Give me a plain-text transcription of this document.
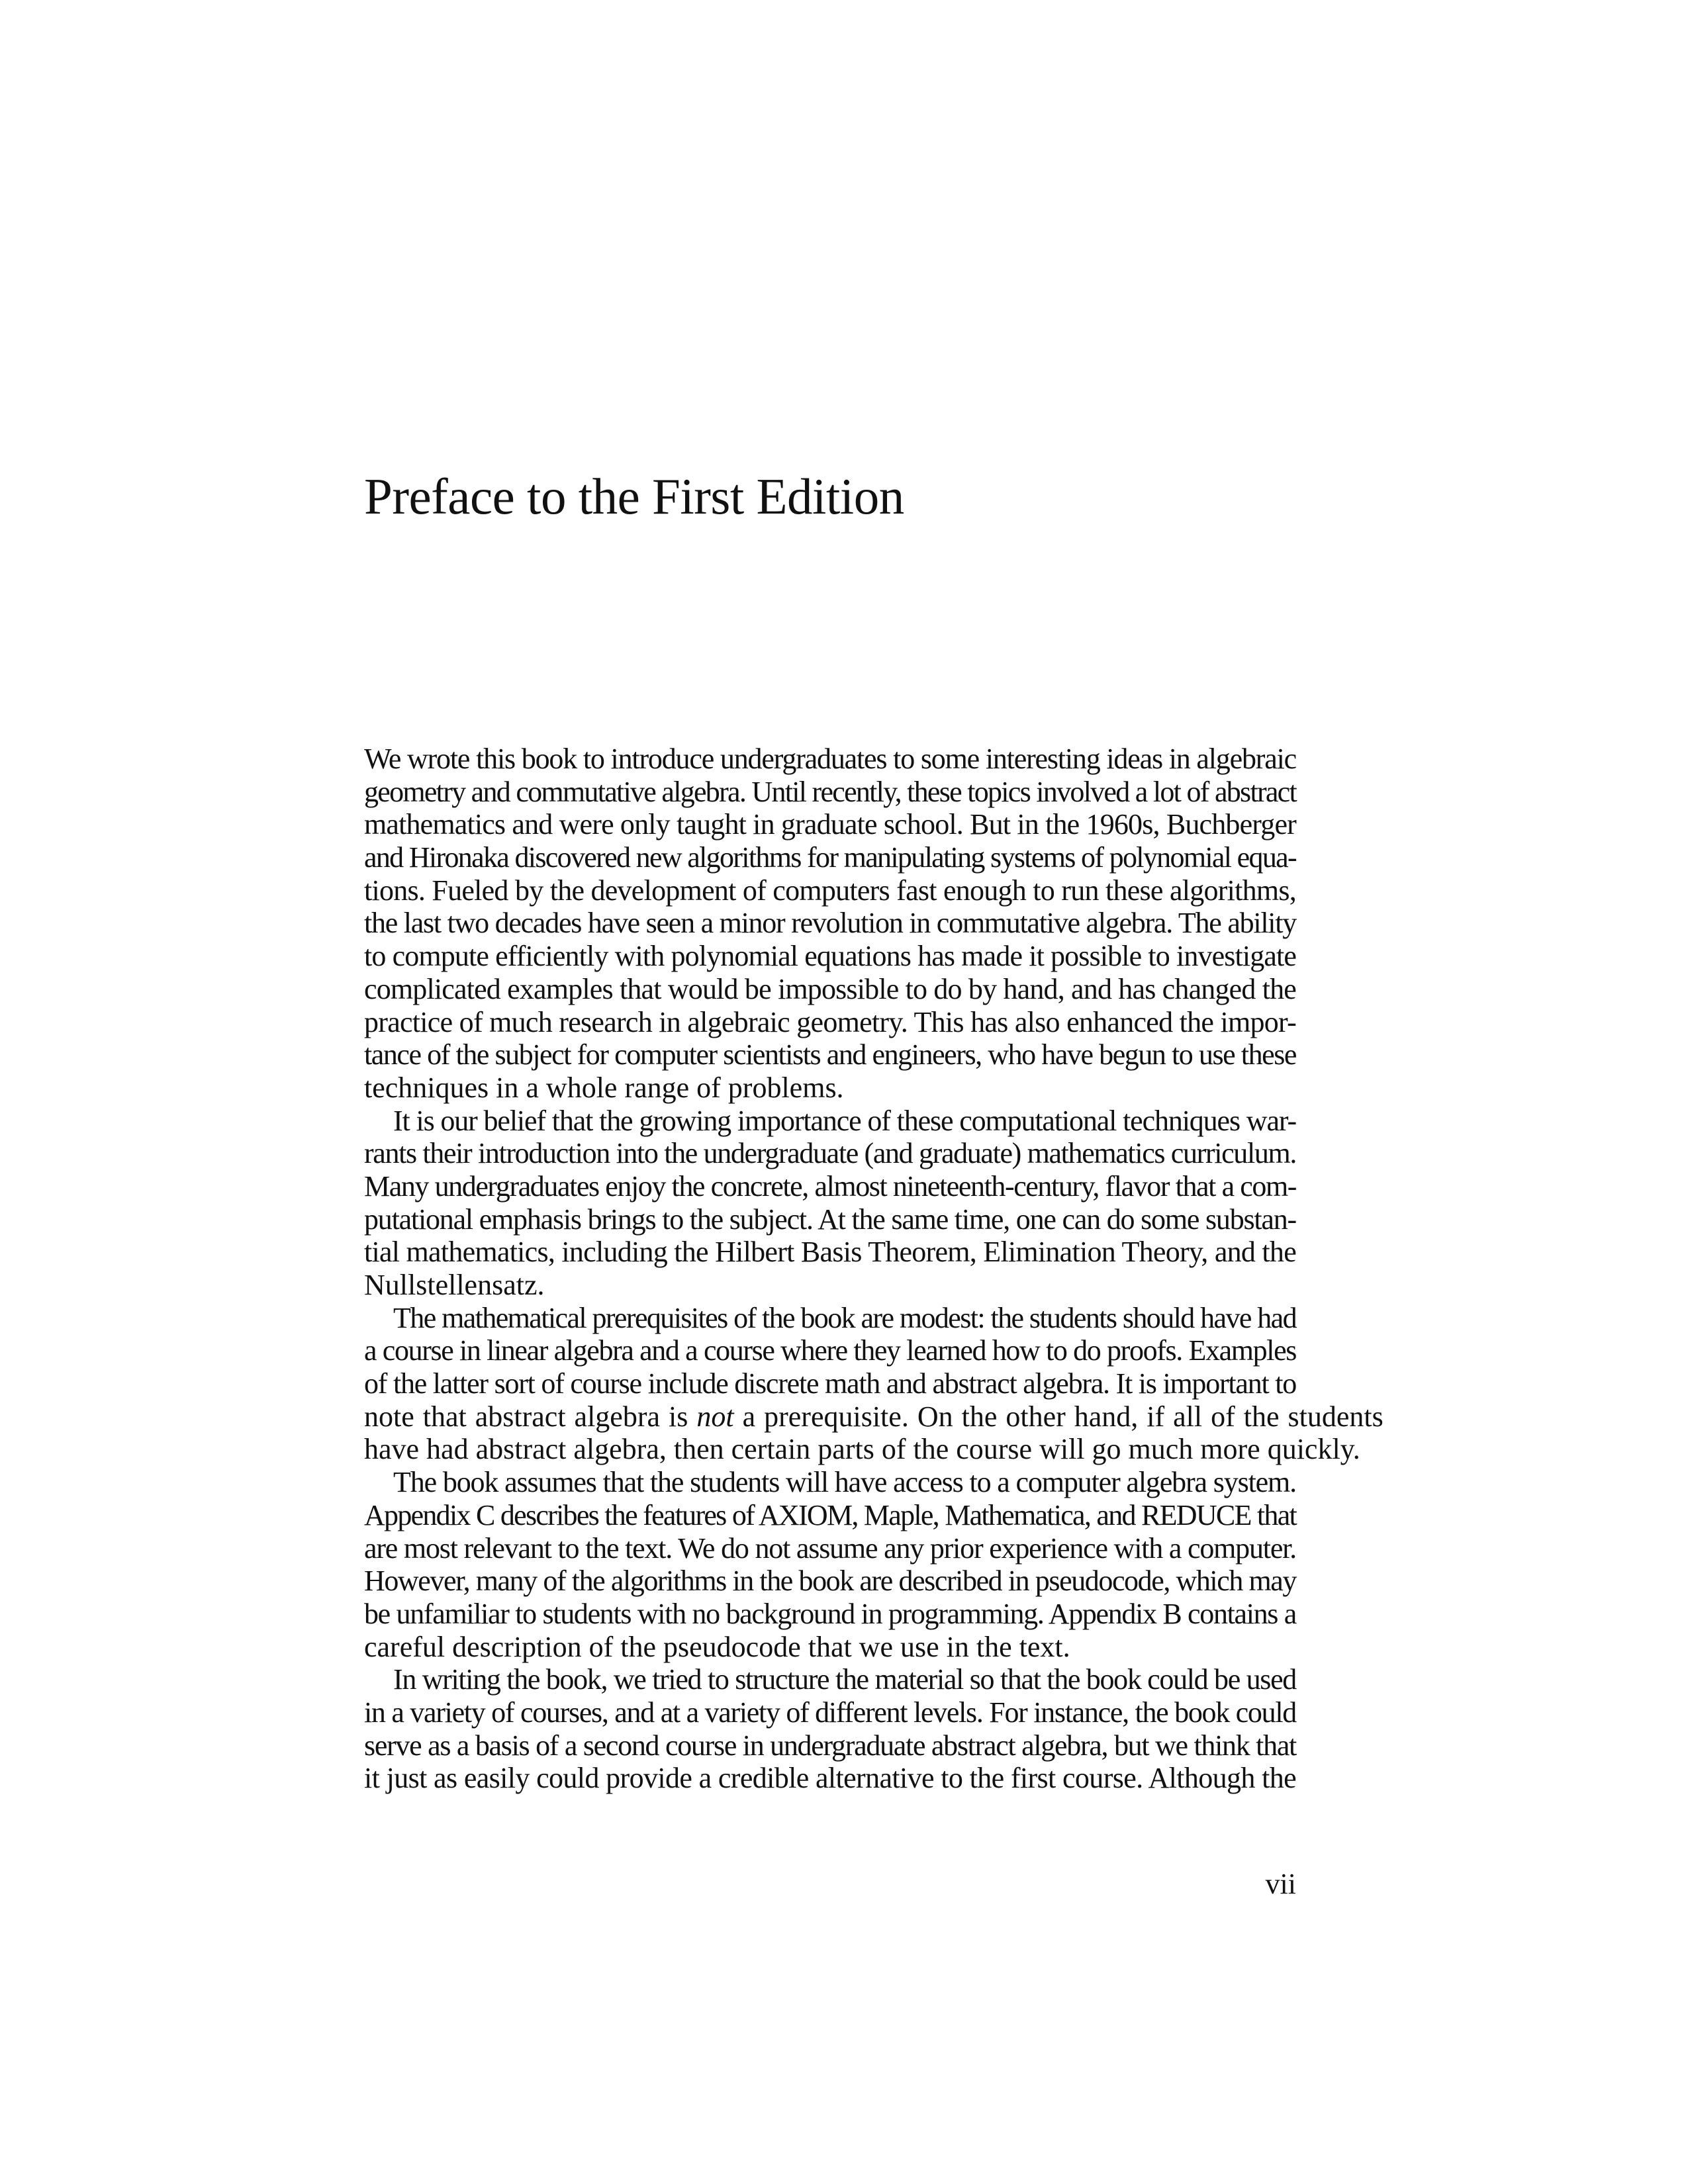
Preface to the First Edition
We wrote this book to introduce undergraduates to some interesting ideas in algebraic
geometry and commutative algebra. Until recently, these topics involved a lot of abstract
mathematics and were only taught in graduate school. But in the 1960s, Buchberger
and Hironaka discovered new algorithms for manipulating systems of polynomial equa-
tions. Fueled by the development of computers fast enough to run these algorithms,
the last two decades have seen a minor revolution in commutative algebra. The ability
to compute efficiently with polynomial equations has made it possible to investigate
complicated examples that would be impossible to do by hand, and has changed the
practice of much research in algebraic geometry. This has also enhanced the impor-
tance of the subject for computer scientists and engineers, who have begun to use these
techniques in a whole range of problems.
It is our belief that the growing importance of these computational techniques war-
rants their introduction into the undergraduate (and graduate) mathematics curriculum.
Many undergraduates enjoy the concrete, almost nineteenth-century, flavor that a com-
putational emphasis brings to the subject. At the same time, one can do some substan-
tial mathematics, including the Hilbert Basis Theorem, Elimination Theory, and the
Nullstellensatz.
The mathematical prerequisites of the book are modest: the students should have had
a course in linear algebra and a course where they learned how to do proofs. Examples
of the latter sort of course include discrete math and abstract algebra. It is important to
note that abstract algebra is not a prerequisite. On the other hand, if all of the students
have had abstract algebra, then certain parts of the course will go much more quickly.
The book assumes that the students will have access to a computer algebra system.
Appendix C describes the features of AXIOM, Maple, Mathematica, and REDUCE that
are most relevant to the text. We do not assume any prior experience with a computer.
However, many of the algorithms in the book are described in pseudocode, which may
be unfamiliar to students with no background in programming. Appendix B contains a
careful description of the pseudocode that we use in the text.
In writing the book, we tried to structure the material so that the book could be used
in a variety of courses, and at a variety of different levels. For instance, the book could
serve as a basis of a second course in undergraduate abstract algebra, but we think that
it just as easily could provide a credible alternative to the first course. Although the
vii
